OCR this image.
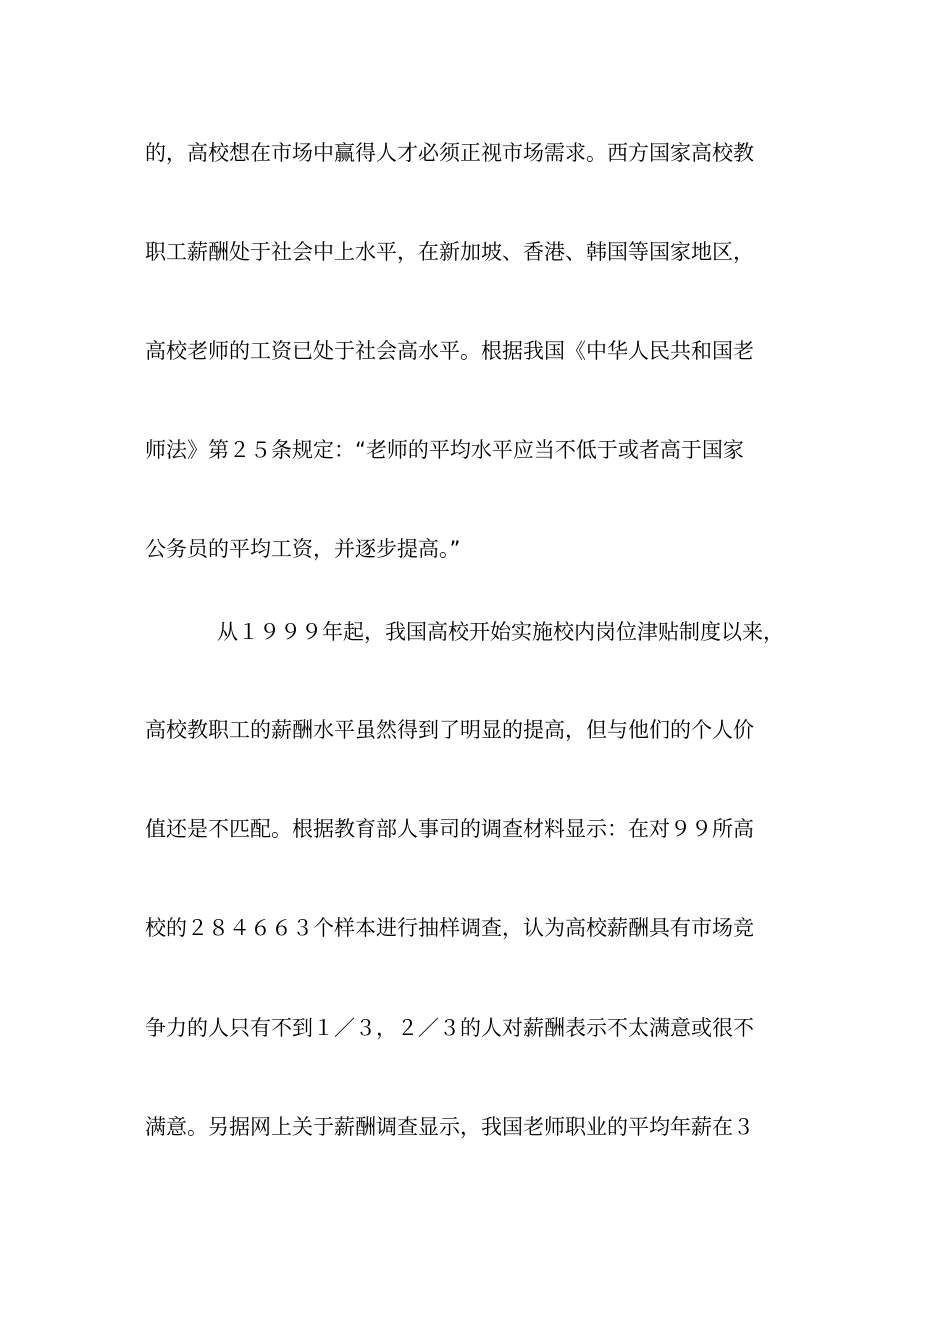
的，高校想在市场中赢得人才必须正视市场需求。西方国家高校教
职工薪酬处于社会中上水平，在新加坡、香港、韩国等国家地区，
高校老师的工资已处于社会高水平。根据我国《中华人民共和国老
师法》第２５条规定：“老师的平均水平应当不低于或者高于国家
公务员的平均工资，并逐步提高。”
从１９９９年起，我国高校开始实施校内岗位津贴制度以来，
高校教职工的薪酬水平虽然得到了明显的提高，但与他们的个人价
值还是不匹配。根据教育部人事司的调查材料显示：在对９９所高
校的２８４６６３个样本进行抽样调查，认为高校薪酬具有市场竞
争力的人只有不到１／３，２／３的人对薪酬表示不太满意或很不
满意。另据网上关于薪酬调查显示，我国老师职业的平均年薪在３
